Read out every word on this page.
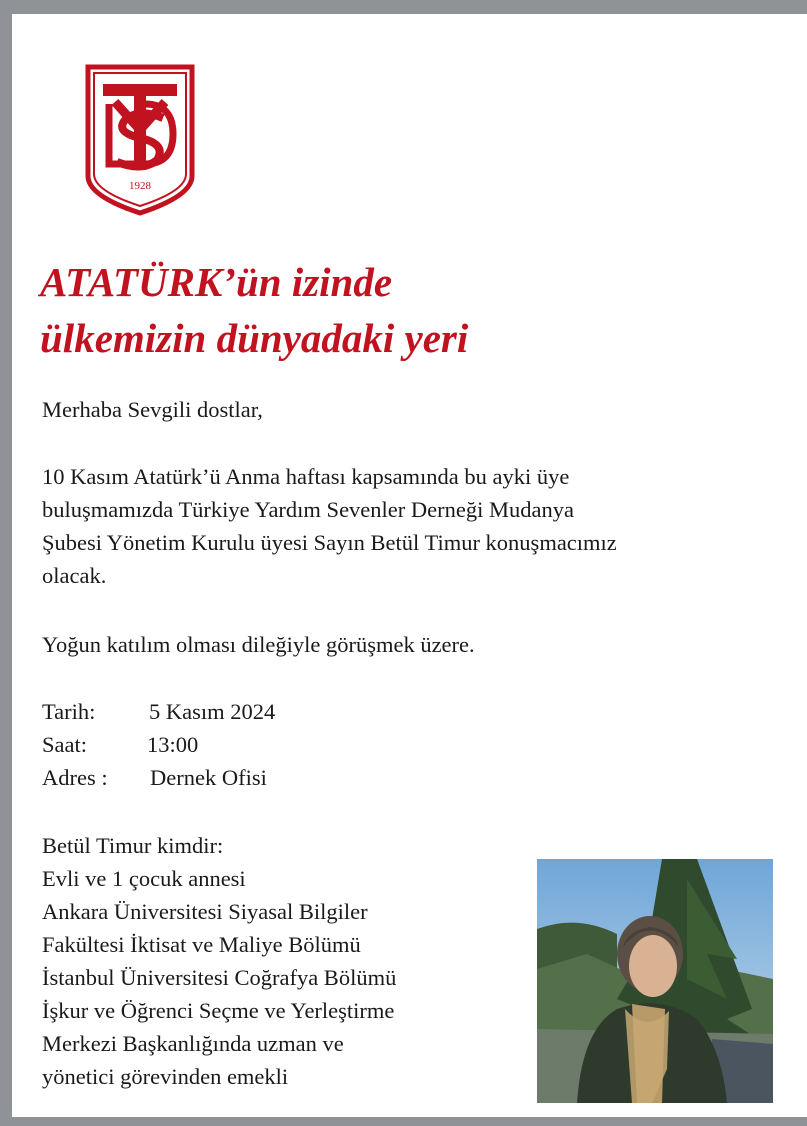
1928
ATATÜRK’ün izinde
ülkemizin dünyadaki yeri

Merhaba Sevgili dostlar,

10 Kasım Atatürk’ü Anma haftası kapsamında bu ayki üye
buluşmamızda Türkiye Yardım Sevenler Derneği Mudanya
Şubesi Yönetim Kurulu üyesi Sayın Betül Timur konuşmacımız
olacak.

Yoğun katılım olması dileğiyle görüşmek üzere.

Tarih: 5 Kasım 2024
Saat:	13:00
Adres : Dernek Ofisi
Betül Timur kimdir:
Evli ve 1 çocuk annesi
Ankara Üniversitesi Siyasal Bilgiler
Fakültesi İktisat ve Maliye Bölümü
İstanbul Üniversitesi Coğrafya Bölümü
İşkur ve Öğrenci Seçme ve Yerleştirme
Merkezi Başkanlığında uzman ve
yönetici görevinden emekli
